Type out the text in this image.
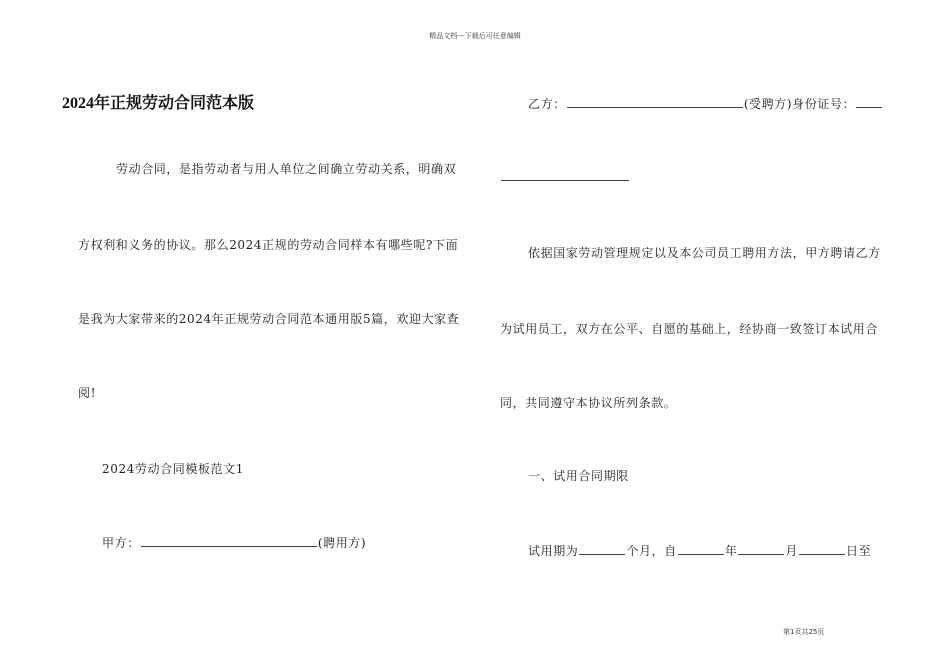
精品文档---下载后可任意编辑
2024年正规劳动合同范本版
劳动合同，是指劳动者与用人单位之间确立劳动关系，明确双
方权利和义务的协议。那么2024正规的劳动合同样本有哪些呢?下面
是我为大家带来的2024年正规劳动合同范本通用版5篇，欢迎大家查
阅!
2024劳动合同模板范文1
甲方：	(聘用方)
乙方：	(受聘方)身份证号：
依据国家劳动管理规定以及本公司员工聘用方法，甲方聘请乙方
为试用员工，双方在公平、自愿的基础上，经协商一致签订本试用合
同，共同遵守本协议所列条款。
一、试用合同期限
试用期为	个月，自	年	月	日至
第1页共25页
